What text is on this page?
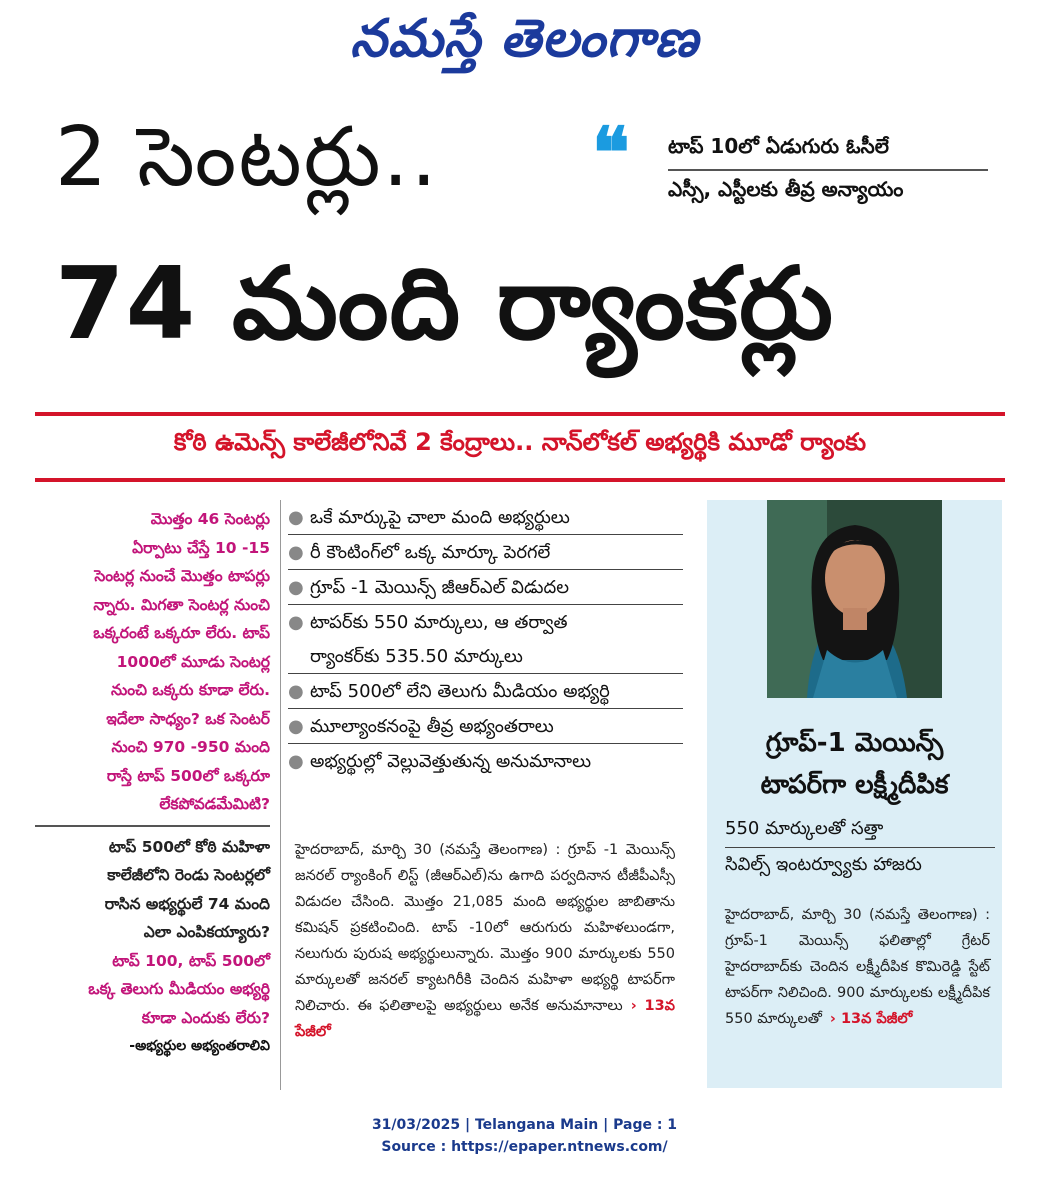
నమస్తే తెలంగాణ
2 సెంటర్లు..
74 మంది ర్యాంకర్లు
❝ టాప్ 10లో ఏడుగురు ఓసీలే
ఎస్సీ, ఎస్టీలకు తీవ్ర అన్యాయం
కోఠి ఉమెన్స్ కాలేజీలోనివే 2 కేంద్రాలు.. నాన్‌లోకల్ అభ్యర్థికి మూడో ర్యాంకు
మొత్తం 46 సెంటర్లు
ఏర్పాటు చేస్తే 10 -15
సెంటర్ల నుంచే మొత్తం టాపర్లు
న్నారు. మిగతా సెంటర్ల నుంచి
ఒక్కరంటే ఒక్కరూ లేరు. టాప్
1000లో మూడు సెంటర్ల
నుంచి ఒక్కరు కూడా లేరు.
ఇదేలా సాధ్యం? ఒక సెంటర్
నుంచి 970 -950 మంది
రాస్తే టాప్ 500లో ఒక్కరూ
లేకపోవడమేమిటి?
టాప్ 500లో కోఠి మహిళా
కాలేజీలోని రెండు సెంటర్లలో
రాసిన అభ్యర్థులే 74 మంది
ఎలా ఎంపికయ్యారు?
టాప్ 100, టాప్ 500లో
ఒక్క తెలుగు మీడియం అభ్యర్థి
కూడా ఎందుకు లేరు?
-అభ్యర్థుల అభ్యంతరాలివి
● ఒకే మార్కుపై చాలా మంది అభ్యర్థులు
● రీ కౌంటింగ్‌లో ఒక్క మార్కూ పెరగలే
● గ్రూప్ -1 మెయిన్స్ జీఆర్‌ఎల్ విడుదల
● టాపర్‌కు 550 మార్కులు, ఆ తర్వాత
ర్యాంకర్‌కు 535.50 మార్కులు
● టాప్ 500లో లేని తెలుగు మీడియం అభ్యర్థి
● మూల్యాంకనంపై తీవ్ర అభ్యంతరాలు
● అభ్యర్థుల్లో వెల్లువెత్తుతున్న అనుమానాలు
హైదరాబాద్, మార్చి 30 (నమస్తే తెలంగాణ) : గ్రూప్ -1 మెయిన్స్ జనరల్ ర్యాంకింగ్ లిస్ట్ (జీఆర్‌ఎల్)ను ఉగాది పర్వదినాన టీజీపీఎస్సీ విడుదల చేసింది. మొత్తం 21,085 మంది అభ్యర్థుల జాబితాను కమిషన్ ప్రకటించింది. టాప్ -10లో ఆరుగురు మహిళలుండగా, నలుగురు పురుష అభ్యర్థులున్నారు. మొత్తం 900 మార్కులకు 550 మార్కులతో జనరల్ క్యాటగిరీకి చెందిన మహిళా అభ్యర్థి టాపర్‌గా నిలిచారు. ఈ ఫలితాలపై అభ్యర్థులు అనేక అనుమానాలు › 13వ పేజీలో
గ్రూప్-1 మెయిన్స్
టాపర్‌గా లక్ష్మీదీపిక
550 మార్కులతో సత్తా
సివిల్స్ ఇంటర్వ్యూకు హాజరు
హైదరాబాద్, మార్చి 30 (నమస్తే తెలంగాణ) : గ్రూప్-1 మెయిన్స్ ఫలితాల్లో గ్రేటర్ హైదరాబాద్‌కు చెందిన లక్ష్మీదీపిక కొమిరెడ్డి స్టేట్ టాపర్‌గా నిలిచింది. 900 మార్కులకు లక్ష్మీదీపిక 550 మార్కులతో › 13వ పేజీలో
31/03/2025 | Telangana Main | Page : 1
Source : https://epaper.ntnews.com/
